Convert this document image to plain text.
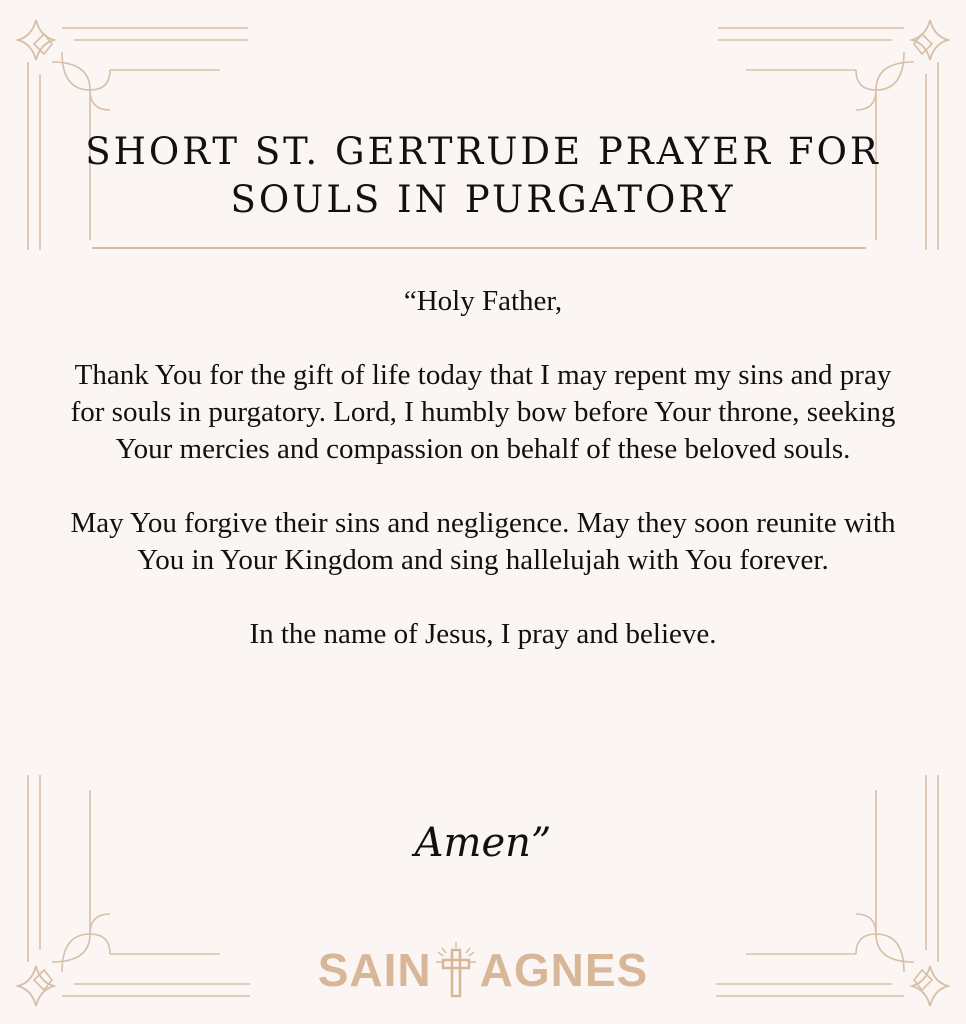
SHORT ST. GERTRUDE PRAYER FOR SOULS IN PURGATORY

“Holy Father,

Thank You for the gift of life today that I may repent my sins and pray for souls in purgatory. Lord, I humbly bow before Your throne, seeking Your mercies and compassion on behalf of these beloved souls.

May You forgive their sins and negligence. May they soon reunite with You in Your Kingdom and sing hallelujah with You forever.

In the name of Jesus, I pray and believe.

Amen”
SAIN AGNES
